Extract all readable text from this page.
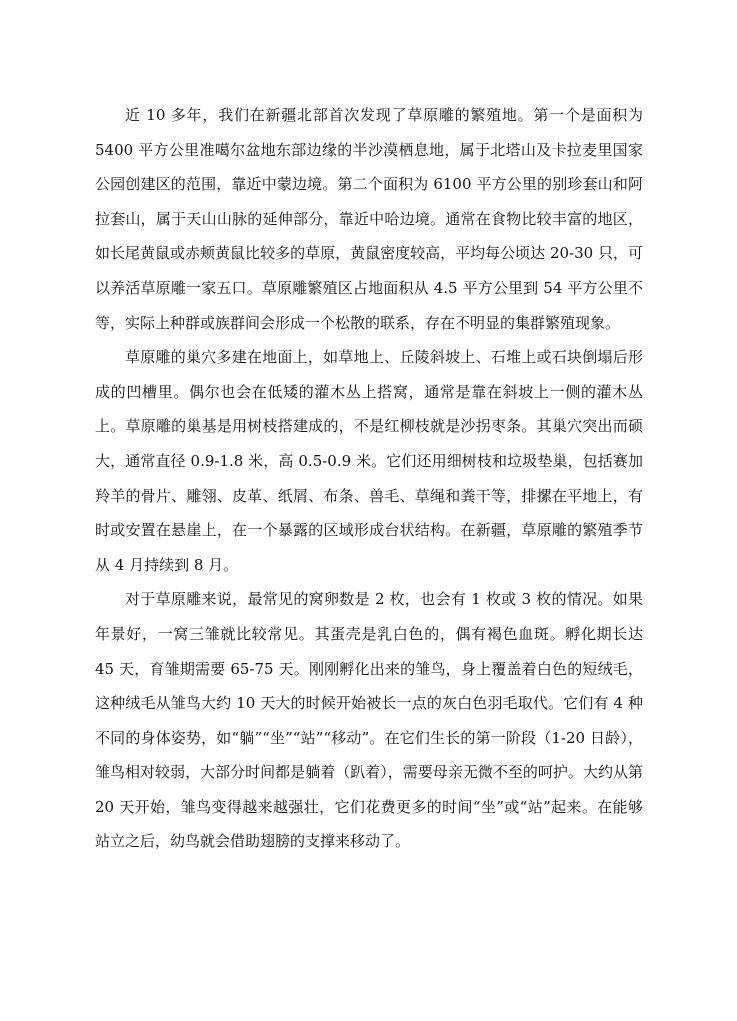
近 10 多年，我们在新疆北部首次发现了草原雕的繁殖地。第一个是面积为 5400 平方公里准噶尔盆地东部边缘的半沙漠栖息地，属于北塔山及卡拉麦里国家公园创建区的范围，靠近中蒙边境。第二个面积为 6100 平方公里的别珍套山和阿拉套山，属于天山山脉的延伸部分，靠近中哈边境。通常在食物比较丰富的地区，如长尾黄鼠或赤颊黄鼠比较多的草原，黄鼠密度较高，平均每公顷达 20-30 只，可以养活草原雕一家五口。草原雕繁殖区占地面积从 4.5 平方公里到 54 平方公里不等，实际上种群或族群间会形成一个松散的联系，存在不明显的集群繁殖现象。

草原雕的巢穴多建在地面上，如草地上、丘陵斜坡上、石堆上或石块倒塌后形成的凹槽里。偶尔也会在低矮的灌木丛上搭窝，通常是靠在斜坡上一侧的灌木丛上。草原雕的巢基是用树枝搭建成的，不是红柳枝就是沙拐枣条。其巢穴突出而硕大，通常直径 0.9-1.8 米，高 0.5-0.9 米。它们还用细树枝和垃圾垫巢，包括赛加羚羊的骨片、雕翎、皮革、纸屑、布条、兽毛、草绳和粪干等，排摞在平地上，有时或安置在悬崖上，在一个暴露的区域形成台状结构。在新疆，草原雕的繁殖季节从 4 月持续到 8 月。

对于草原雕来说，最常见的窝卵数是 2 枚，也会有 1 枚或 3 枚的情况。如果年景好，一窝三雏就比较常见。其蛋壳是乳白色的，偶有褐色血斑。孵化期长达 45 天，育雏期需要 65-75 天。刚刚孵化出来的雏鸟，身上覆盖着白色的短绒毛，这种绒毛从雏鸟大约 10 天大的时候开始被长一点的灰白色羽毛取代。它们有 4 种不同的身体姿势，如“躺”“坐”“站”“移动”。在它们生长的第一阶段（1-20 日龄），雏鸟相对较弱，大部分时间都是躺着（趴着），需要母亲无微不至的呵护。大约从第 20 天开始，雏鸟变得越来越强壮，它们花费更多的时间“坐”或“站”起来。在能够站立之后，幼鸟就会借助翅膀的支撑来移动了。
